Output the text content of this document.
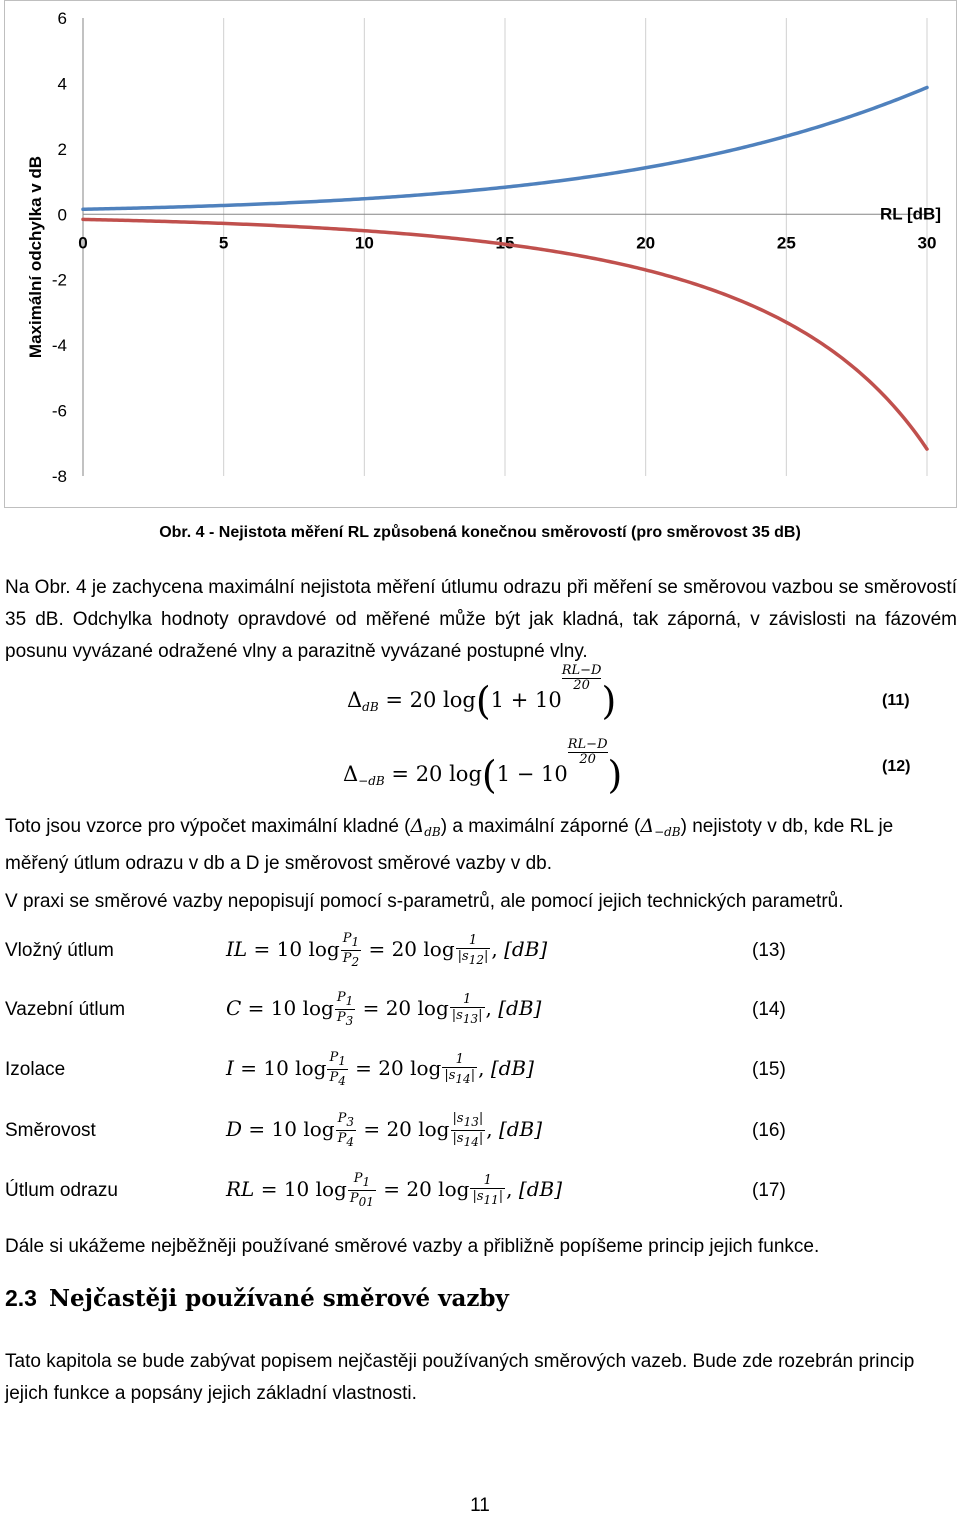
6
4
2
0
-2
-4
-6
-8
0	5	10	15	20	25	30
RL [dB]
Maximální odchylka v dB
Obr. 4 - Nejistota měření RL způsobená konečnou směrovostí (pro směrovost 35 dB)
Na Obr. 4 je zachycena maximální nejistota měření útlumu odrazu při měření se směrovou vazbou se směrovostí 35 dB. Odchylka hodnoty opravdové od měřené může být jak kladná, tak záporná, v závislosti na fázovém posunu vyvázané odražené vlny a parazitně vyvázané postupné vlny.
$\Delta_{dB} = 20$ log(1 + 10
$\frac{RL-D}{20}$)	(11)
$\Delta_{-dB} = 20$ log(1 − 10
$\frac{RL-D}{20}$)	(12)
Toto jsou vzorce pro výpočet maximální kladné $(\Delta_{dB})$ a maximální záporné $(\Delta_{-dB})$ nejistoty v db, kde RL je měřený útlum odrazu v db a D je směrovost směrové vazby v db.
V praxi se směrové vazby nepopisují pomocí s-parametrů, ale pomocí jejich technických parametrů.
Vložný útlum	IL = 10 $\log \frac{P1}{P2} = 20$ $\log \frac{1}{|s12|}$ , [dB]	(13)
Vazební útlum	C = 10 $\log \frac{P1}{P3} = 20$ $\log \frac{1}{|s13|}$ , [dB]	(14)
Izolace	I = 10 $\log \frac{P1}{P4} = 20$ $\log \frac{1}{|s14|}$ , [dB]	(15)
Směrovost	D = 10 $\log \frac{P3}{P4} = 20$ $\log \frac{|s13|}{|s14|}$ , [dB]	(16)
Útlum odrazu	RL = 10 $\log \frac{P1}{P01} = 20$ $\log \frac{1}{|s11|}$ , [dB]	(17)
Dále si ukážeme nejběžněji používané směrové vazby a přibližně popíšeme princip jejich funkce.
2.3 Nejčastěji používané směrové vazby
Tato kapitola se bude zabývat popisem nejčastěji používaných směrových vazeb. Bude zde rozebrán princip jejich funkce a popsány jejich základní vlastnosti.
11
